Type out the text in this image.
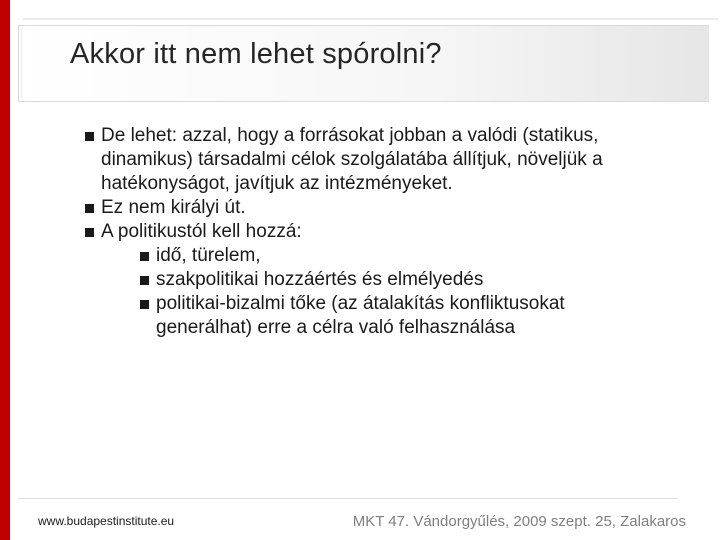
Akkor itt nem lehet spórolni?

De lehet: azzal, hogy a forrásokat jobban a valódi (statikus, dinamikus) társadalmi célok szolgálatába állítjuk, növeljük a hatékonyságot, javítjuk az intézményeket.

Ez nem királyi út.

A politikustól kell hozzá:

idő, türelem,

szakpolitikai hozzáértés és elmélyedés

politikai-bizalmi tőke (az átalakítás konfliktusokat generálhat) erre a célra való felhasználása

www.budapestinstitute.eu	MKT 47. Vándorgyűlés, 2009 szept. 25, Zalakaros
